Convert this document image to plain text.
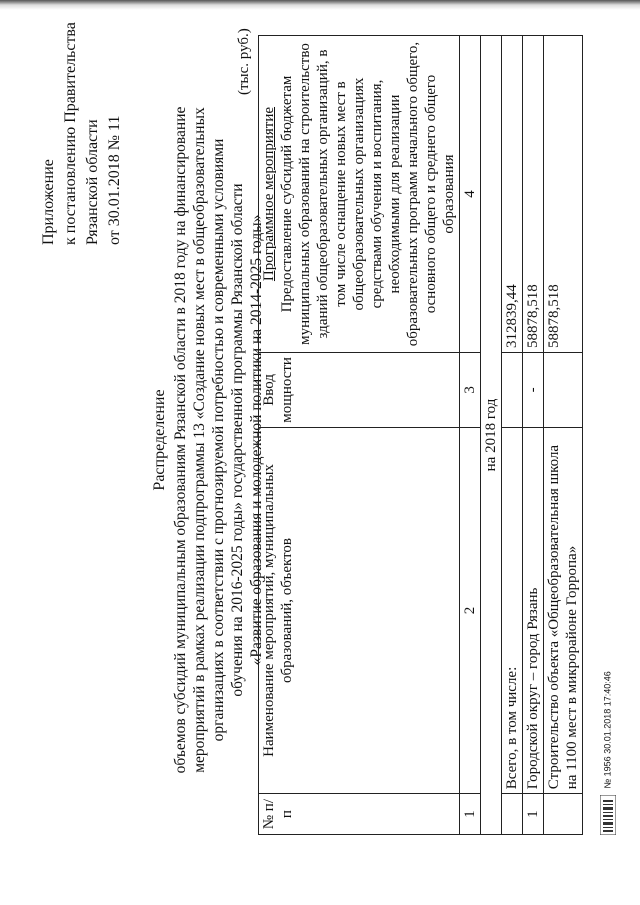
Приложение к постановлению Правительства Рязанской области от 30.01.2018 № 11
Распределение объемов субсидий муниципальным образованиям Рязанской области в 2018 году на финансирование мероприятий в рамках реализации подпрограммы 13 «Создание новых мест в общеобразовательных организациях в соответствии с прогнозируемой потребностью и современными условиями обучения на 2016-2025 годы» государственной программы Рязанской области «Развитие образования и молодежной политики на 2014-2025 годы»
(тыс. руб.)
№ п/п	Наименование мероприятий, муниципальных образований, объектов	Ввод мощности	Программное мероприятие Предоставление субсидий бюджетам муниципальных образований на строительство зданий общеобразовательных организаций, в том числе оснащение новых мест в общеобразовательных организациях средствами обучения и воспитания, необходимыми для реализации образовательных программ начального общего, основного общего и среднего общего образования

1	2	3	4
на 2018 год			
	Всего, в том числе:		312839,44
1	Городской округ – город Рязань	-	58878,518
	Строительство объекта «Общеобразовательная школа на 1100 мест в микрорайоне Горропа»		58878,518
№ 1956 30.01.2018 17:40:46
